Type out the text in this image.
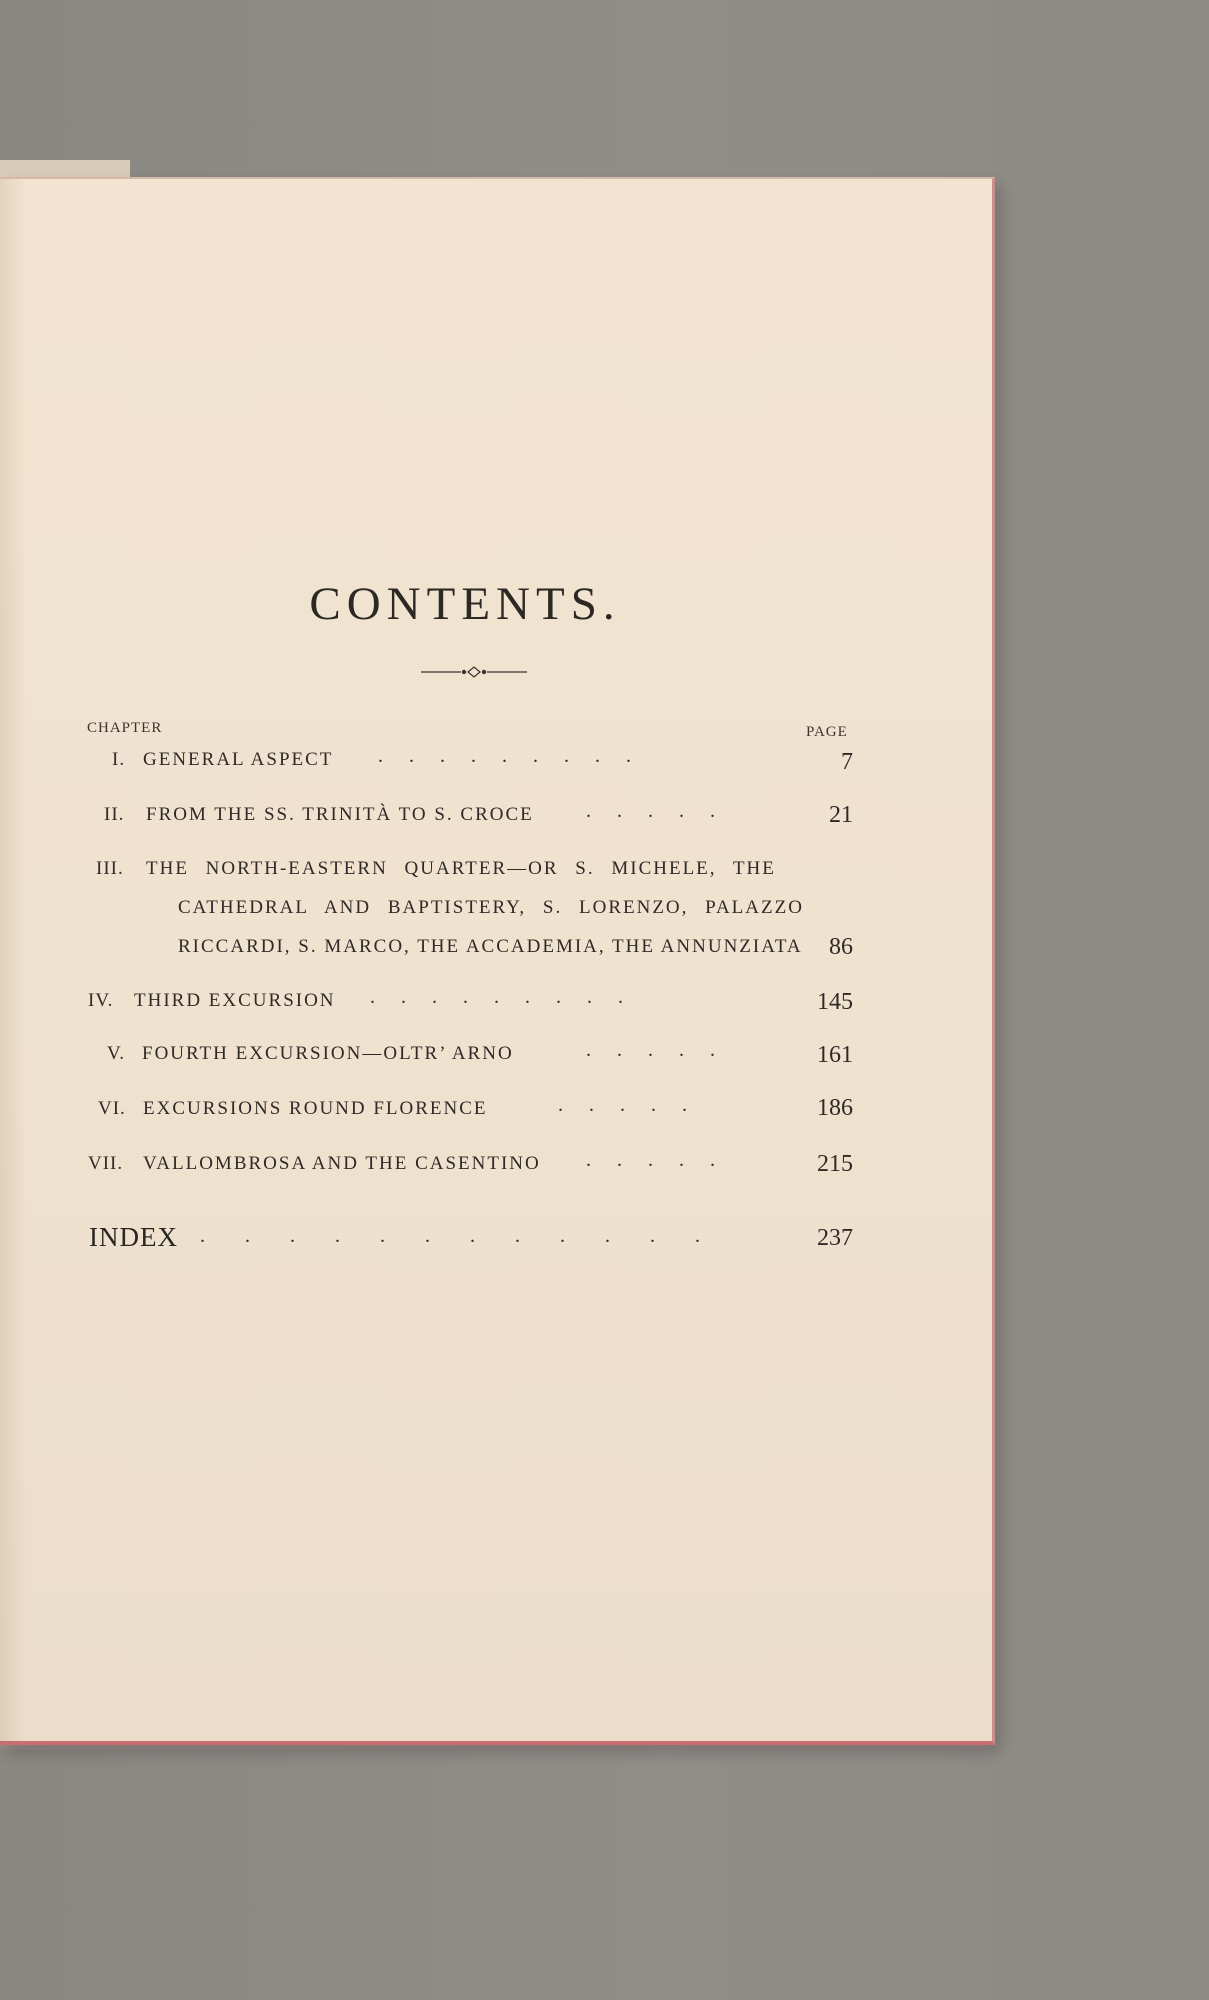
CONTENTS.
CHAPTER	PAGE
I. GENERAL ASPECT .........	7
II. FROM THE SS. TRINITÀ TO S. CROCE	.....	21
III. THE NORTH-EASTERN QUARTER—OR S. MICHELE, THE
CATHEDRAL AND BAPTISTERY, S. LORENZO, PALAZZO
RICCARDI, S. MARCO, THE ACCADEMIA, THE ANNUNZIATA	86
IV. THIRD EXCURSION .........	145
V. FOURTH EXCURSION—OLTR’ ARNO	.....	161
VI. EXCURSIONS ROUND FLORENCE	.....	186
VII. VALLOMBROSA AND THE CASENTINO .....	215
INDEX ............	237
